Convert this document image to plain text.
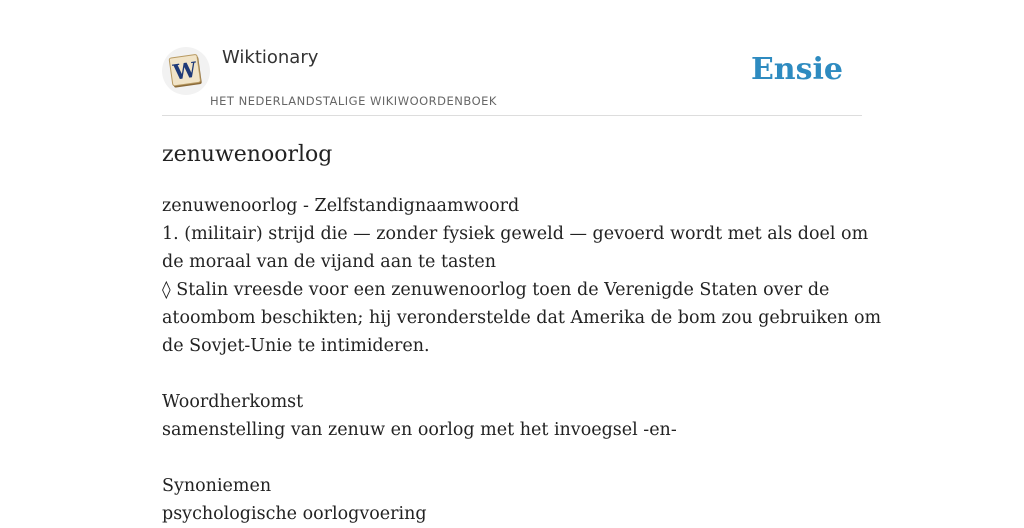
W Wiktionary
HET NEDERLANDSTALIGE WIKIWOORDENBOEK
Ensie
zenuwenoorlog
zenuwenoorlog - Zelfstandignaamwoord
1. (militair) strijd die — zonder fysiek geweld — gevoerd wordt met als doel om
de moraal van de vijand aan te tasten
◊ Stalin vreesde voor een zenuwenoorlog toen de Verenigde Staten over de
atoombom beschikten; hij veronderstelde dat Amerika de bom zou gebruiken om
de Sovjet-Unie te intimideren.
Woordherkomst
samenstelling van zenuw en oorlog met het invoegsel -en-
Synoniemen
psychologische oorlogvoering
